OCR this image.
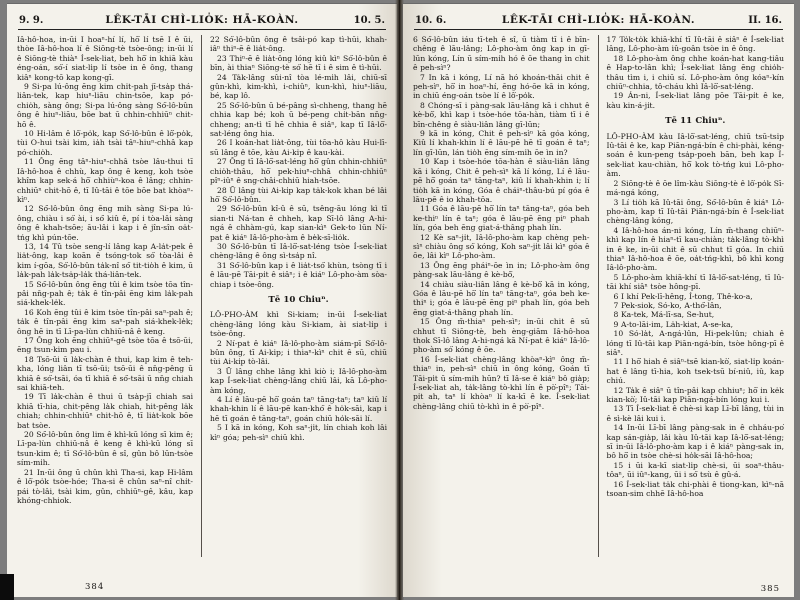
9. 9.	LÊK-TĀI CHÌ-LIO̍K: HĀ-KOÀN.	10. 5.

Iâ-hô-hoa, in-ūi I hoaⁿ-hí lí, hō͘ lí tsē I ê ūi, thòe Iâ-hô-hoa lí ê Siōng-tè tsòe-ông; in-ūi lí ê Siōng-tè thiàⁿ Í-sek-liat, beh hō͘ in khiā kàu éng-oán, só͘-í siat-li̍p lí tsòe in ê ông, thang kiâⁿ kong-tō kap kong-gī.

9 Si-pa lú-ông ēng kim chi̍t-pah jī-tsa̍p thá-liân-tek, kap hiuⁿ-liāu chin-tsōe, kap pó-chio̍h, sàng ông; Si-pa lú-ông sàng Só͘-lô-bûn ông ê hiuⁿ-liāu, bōe bat ū chhin-chhiūⁿ chit-hō ê.

10 Hi-lâm ê lô͘-po̍k, kap Só͘-lô-bûn ê lô͘-po̍k, tùi O-hui tsài kim, ia̍h tsài tâⁿ-hiuⁿ-chhâ kap pó-chio̍h.

11 Ông ēng tâⁿ-hiuⁿ-chhâ tsòe lâu-thui tī Iâ-hô-hoa ê chhù, kap ông ê keng, koh tsòe khîm kap sek-á hō͘ chhiùⁿ-koa ê lâng; chhin-chhiūⁿ chit-hō ê, tī Iû-tāi ê tōe bōe bat khòaⁿ-kìⁿ.

12 Só͘-lô-bûn ông ēng mi̍h sàng Si-pa lú-ông, chiàu i só͘ ài, i só͘ kiû ê, pí i tòa-lâi sàng ông ê khah-tsōe; āu-lâi i kap i ê jîn-sîn oa̍t-tńg khì pún-tōe.

13, 14 Tû tsòe seng-lí lâng kap A-la̍t-pek ê lia̍t-ông, kap koān ê tsóng-tok só͘ tòa-lâi ê kim í-gōa, Só͘-lô-bûn ta̍k-nî só͘ tit-tio̍h ê kim, ū la̍k-pah la̍k-tsa̍p-la̍k thá-liân-tek.

15 Só͘-lô-bûn ông ēng tûi ê kim tsòe tōa tîn-pâi nn̄g-pah ê; ta̍k ê tîn-pâi ēng kim la̍k-pah siá-khek-le̍k.

16 Koh ēng tûi ê kim tsòe tîn-pâi saⁿ-pah ê; ta̍k ê tîn-pâi ēng kim saⁿ-pah siá-khek-le̍k; ông hē in tī Lī-pa-lùn chhiū-nâ ê keng.

17 Ông koh ēng chhiūⁿ-gê tsòe tōa ê tsō-ūi, ēng tsun-kim pau i.

18 Tsō-ūi ū la̍k-chàn ê thui, kap kim ê teh-kha, lóng liân tī tsō-ūi; tsō-ūi ê nn̄g-pêng ū khiā ê só͘-tsāi, óa tī khiā ê só͘-tsāi ū nn̄g chiah sai khiā-teh.

19 Tī la̍k-chàn ê thui ū tsa̍p-jī chiah sai khiā tī-hia, chit-pêng la̍k chiah, hit-pêng la̍k chiah; chhin-chhiūⁿ chit-hō ê, tī lia̍t-kok bōe bat tsòe.

20 Só͘-lô-bûn ông lim ê khì-kū lóng sī kim ê; Lī-pa-lùn chhiū-nâ ê keng ê khì-kū lóng sī tsun-kim ê; tī Só͘-lô-bûn ê sî, gûn bô lūn-tsòe sím-mi̍h.

21 In-ūi ông ū chûn khì Tha-si, kap Hi-lâm ê lô͘-po̍k tsòe-hóe; Tha-si ê chûn saⁿ-nî chi̍t-pái tò-lâi, tsài kim, gûn, chhiūⁿ-gê, kâu, kap khóng-chhiok.

22 Só͘-lô-bûn ông ê tsâi-pó kap tì-hūi, khah-iâⁿ thiⁿ-ē ê lia̍t-ông.

23 Thiⁿ-ē ê lia̍t-ông lóng kiû kìⁿ Só͘-lô-bûn ê bīn, ài thiaⁿ Siōng-tè só͘ hē tī i ê sim ê tì-hūi.

24 Ta̍k-lâng sûi-nî tòa lé-mi̍h lâi, chiū-sī gûn-khì, kim-khì, i-chiûⁿ, kun-khì, hiuⁿ-liāu, bé, kap lô.

25 Só͘-lô-bûn ū bé-pâng sì-chheng, thang hē chhia kap bé; koh ū bé-peng chi̍t-bān nn̄g-chheng; an-tì tī hē chhia ê siâⁿ, kap tī Iâ-lō͘-sat-léng ông hia.

26 I koán-hat lia̍t-ông, tùi tōa-hô kàu Hui-lī-sū lâng ê tōe, kàu Ai-ki̍p ê kau-kài.

27 Ông tī Iâ-lō͘-sat-léng hō͘ gûn chhin-chhiūⁿ chio̍h-thâu, hō͘ pek-hiuⁿ-chhâ chhin-chhiūⁿ pîⁿ-iûⁿ ê sng-châi-chhiū hiah-tsōe.

28 Ū lâng tùi Ai-ki̍p kap ta̍k-kok khan bé lâi hō͘ Só͘-lô-bûn.

29 Só͘-lô-bûn kî-û ê sū, tsêng-āu lóng kì tī sian-ti Ná-tan ê chheh, kap Sī-lô lâng A-hi-ngá ê chhàm-gú, kap sian-kìⁿ Gek-to lūn Ní-pat ê kiáⁿ Iâ-lô-pho-àm ê be̍k-sī-lio̍k.

30 Só͘-lô-bûn tī Iâ-lō͘-sat-léng tsòe Í-sek-liat chèng-lâng ê ông sì-tsa̍p nî.

31 Só͘-lô-bûn kap i ê lia̍t-tsó͘ khùn, tsòng tī i ê lāu-pē Tāi-pi̍t ê siâⁿ; i ê kiáⁿ Lô-pho-àm sòa-chiap i tsòe-ông.

Tē 10 Chiuⁿ.

LÔ-PHO-ÀM khì Si-kiam; in-ūi Í-sek-liat chèng-lâng lóng kàu Si-kiam, ài siat-li̍p i tsòe-ông.

2 Ní-pat ê kiáⁿ Iâ-lô-pho-àm siám-pī Só͘-lô-bûn ông, tī Ai-ki̍p; i thiaⁿ-kìⁿ chit ê sū, chiū tùi Ai-ki̍p tò-lâi.

3 Ū lâng chhe lâng khì kiò i; Iâ-lô-pho-àm kap Í-sek-liat chèng-lâng chiū lâi, kā Lô-pho-àm kóng,

4 Lí ê lāu-pē hō͘ goán taⁿ tāng-taⁿ; taⁿ kiû lí khah-khin lí ê lāu-pē kan-khó͘ ê ho̍k-sāi, kap i hē tī goán ê tāng-taⁿ, goán chiū ho̍k-sāi lí.

5 I kā in kóng, Koh saⁿ-ji̍t, lín chiah koh lâi kìⁿ góa; peh-sìⁿ chiū khì.

384
10. 6.	LÊK-TĀI CHÌ-LIO̍K: HĀ-KOÀN.	II. 16.

6 Só͘-lô-bûn iáu tī-teh ê sî, ū tiàm tī i ê bīn-chêng ê lāu-lâng; Lô-pho-àm ông kap in gī-lūn kóng, Lín ū sím-mi̍h hó ê ōe thang ìn chit ê peh-sìⁿ?

7 In kā i kóng, Lí nā hó khoán-thāi chit ê peh-sìⁿ, hō͘ in hoaⁿ-hí, ēng hó-ōe kā in kóng, in chiū éng-oán tsòe lí ê lô͘-po̍k.

8 Chóng-sī i pàng-sak lāu-lâng kā i chhut ê kè-bô͘, khì kap i tsòe-hóe tōa-hàn, tiàm tī i ê bīn-chêng ê siàu-liân lâng gī-lūn;

9 kā in kóng, Chit ê peh-sìⁿ kā góa kóng, Kiû lí khah-khin lí ê lāu-pē hē tī goán ê taⁿ; lín gī-lūn, lán tio̍h ēng sím-mi̍h ōe ìn in?

10 Kap i tsòe-hóe tōa-hàn ê siàu-liân lâng kā i kóng, Chit ê peh-sìⁿ kā lí kóng, Lí ê lāu-pē hō͘ goán taⁿ tāng-taⁿ, kiû lí khah-khin i; lí tio̍h kā in kóng, Góa ê cháiⁿ-thâu-bú pí góa ê lāu-pē ê io khah-tōa.

11 Góa ê lāu-pē hō͘ lín taⁿ tāng-taⁿ, góa beh ke-thiⁿ lín ê taⁿ; góa ê lāu-pē ēng piⁿ phah lín, góa beh ēng giat-á-thâng phah lín.

12 Kè saⁿ-ji̍t, Iâ-lô-pho-àm kap chèng peh-sìⁿ chiàu ông só͘ kóng, Koh saⁿ-ji̍t lâi kìⁿ góa ê ōe, lâi kìⁿ Lô-pho-àm.

13 Ông ēng pháiⁿ-ōe ìn in; Lô-pho-àm ông pàng-sak lāu-lâng ê kè-bô͘,

14 chiàu siàu-liân lâng ê kè-bô͘ kā in kóng, Góa ê lāu-pē hō͘ lín taⁿ tāng-taⁿ, góa beh ke-thiⁿ i; góa ê lāu-pē ēng piⁿ phah lín, góa beh ēng giat-á-thâng phah lín.

15 Ông m̄-thiaⁿ peh-sìⁿ; in-ūi chit ê sū chhut tī Siōng-tè, beh èng-giām Iâ-hô-hoa thok Sī-lô lâng A-hi-ngá kā Ní-pat ê kiáⁿ Iâ-lô-pho-àm só͘ kóng ê ōe.

16 Í-sek-liat chèng-lâng khòaⁿ-kìⁿ ông m̄-thiaⁿ in, peh-sìⁿ chiū ìn ông kóng, Goán tī Tāi-pi̍t ū sím-mi̍h hūn? tī Iâ-se ê kiáⁿ bô gia̍p; Í-sek-liat ah, ta̍k-lâng tò-khì lín ê pò͘-pîⁿ; Tāi-pi̍t ah, taⁿ lí khòaⁿ lí ka-kī ê ke. Í-sek-liat chèng-lâng chiū tò-khì in ê pò͘-pîⁿ.

17 To̍k-to̍k khiā-khí tī Iû-tāi ê siâⁿ ê Í-sek-liat lâng, Lô-pho-àm iû-goân tsòe in ê ông.

18 Lô-pho-àm ông chhe koán-hat kang-tiâu ê Hap-to-lân khì; Í-sek-liat lâng ēng chio̍h-thâu tìm i, i chiū sí. Lô-pho-àm ông kóaⁿ-kín chiūⁿ-chhia, tô-cháu khì Iâ-lō͘-sat-léng.

19 Án-ni, Í-sek-liat lâng pōe Tāi-pi̍t ê ke, kàu kin-á-ji̍t.

Tē 11 Chiuⁿ.

LÔ-PHO-ÀM kàu Iâ-lō͘-sat-léng, chiū tsū-tsi̍p Iû-tāi ê ke, kap Piān-ngá-bín ê chi-phài, kéng-soán ê kun-peng tsa̍p-poeh bān, beh kap Í-sek-liat kau-chiàn, hō͘ kok tò-tńg kui Lô-pho-àm.

2 Siōng-tè ê ōe lîm-kàu Siōng-tè ê lô͘-po̍k Sī-má-ngá kóng,

3 Lí tio̍h kā Iû-tāi ông, Só͘-lô-bûn ê kiáⁿ Lô-pho-àm, kap tī Iû-tāi Piān-ngá-bín ê Í-sek-liat chèng-lâng kóng,

4 Iâ-hô-hoa án-ni kóng, Lín m̄-thang chiūⁿ-khì kap lín ê hiaⁿ-tī kau-chiàn; ta̍k-lâng tò-khì in ê ke, in-ūi chit ê sū chhut tī góa. In chiū thiaⁿ Iâ-hô-hoa ê ōe, oa̍t-tńg-khì, bô khì kong Iâ-lô-pho-àm.

5 Lô-pho-àm khiā-khí tī Iâ-lō͘-sat-léng, tī Iû-tāi khí siâⁿ tsòe hông-pī.

6 I khí Pek-lī-hêng, Í-tong, Thê-ko-a,

7 Pek-siok, Só-ko, A-thó͘-lân,

8 Ka-tek, Má-lī-sa, Se-hut,

9 A-to-lāi-im, La̍h-kiat, A-se-ka,

10 Só-la̍t, A-ngá-lûn, Hi-pek-lûn; chiah ê lóng tī Iû-tāi kap Piān-ngá-bín, tsòe hông-pī ê siâⁿ.

11 I hō͘ hiah ê siâⁿ-tsē kian-kò͘, siat-li̍p koán-hat ê lâng tī-hia, koh tsek-tsū bí-niû, iû, kap chiú.

12 Ta̍k ê siâⁿ ū tîn-pâi kap chhiuⁿ; hō͘ in ke̍k kian-kò͘; Iû-tāi kap Piān-ngá-bín lóng kui i.

13 Tī Í-sek-liat ê chè-si kap Lī-bī lâng, tùi in ê sì-kè lâi kui i.

14 In-ūi Lī-bī lâng pàng-sak in ê chháu-po͘ kap sán-gia̍p, lâi kàu Iû-tāi kap Iâ-lō͘-sat-léng; sī in-ūi Iâ-lô-pho-àm kap i ê kiáⁿ pàng-sak in, bô hō͘ in tsòe chè-si ho̍k-sāi Iâ-hô-hoa;

15 i ūi ka-kī siat-li̍p chè-si, ūi soaⁿ-thâu-tôaⁿ, ūi iûⁿ-kang, ūi i só͘ tsù ê gû-á.

16 Í-sek-liat ta̍k chi-phài ê tiong-kan, kìⁿ-nā tsoan-sim chhē Iâ-hô-hoa

385
